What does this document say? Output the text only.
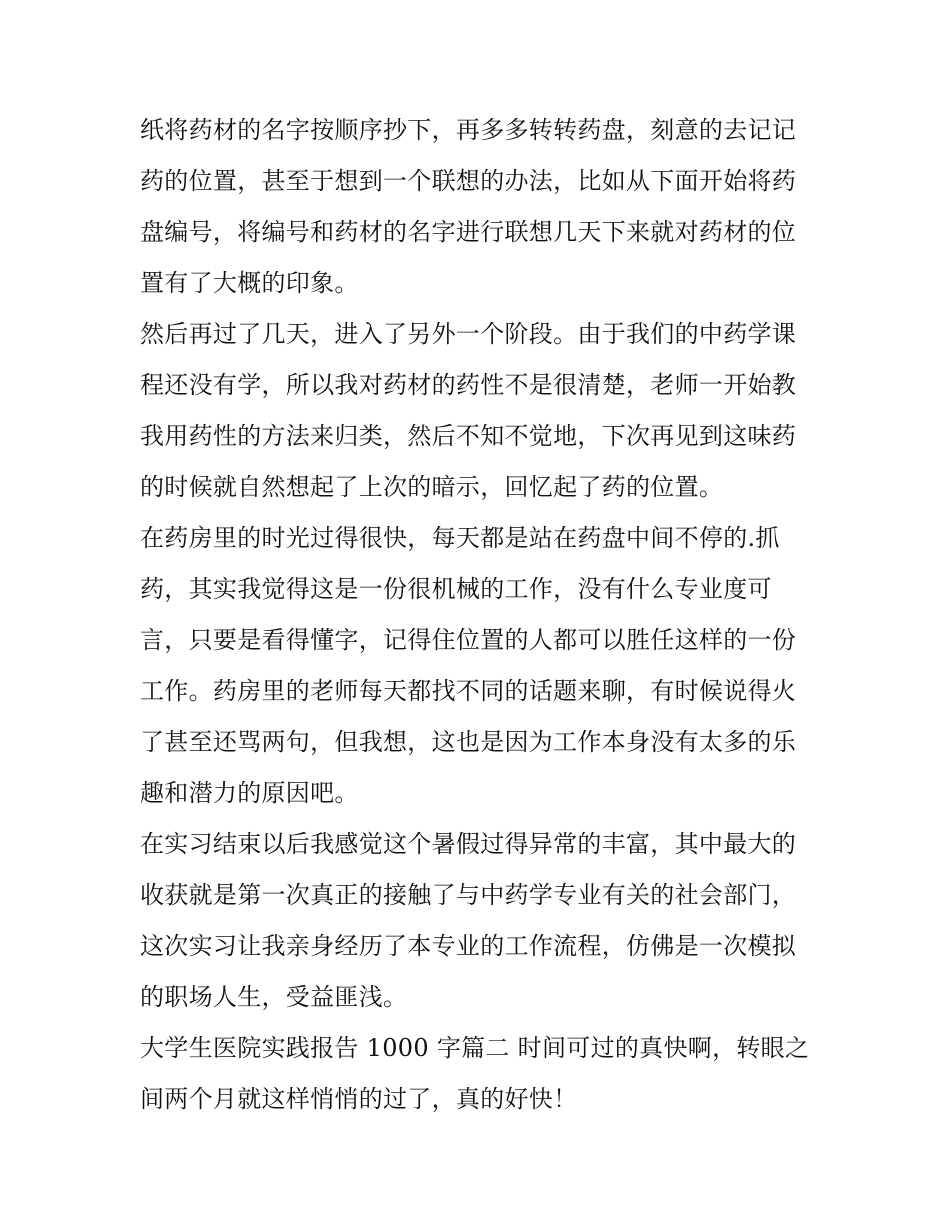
纸将药材的名字按顺序抄下，再多多转转药盘，刻意的去记记
药的位置，甚至于想到一个联想的办法，比如从下面开始将药
盘编号，将编号和药材的名字进行联想几天下来就对药材的位
置有了大概的印象。
然后再过了几天，进入了另外一个阶段。由于我们的中药学课
程还没有学，所以我对药材的药性不是很清楚，老师一开始教
我用药性的方法来归类，然后不知不觉地，下次再见到这味药
的时候就自然想起了上次的暗示，回忆起了药的位置。
在药房里的时光过得很快，每天都是站在药盘中间不停的.抓
药，其实我觉得这是一份很机械的工作，没有什么专业度可
言，只要是看得懂字，记得住位置的人都可以胜任这样的一份
工作。药房里的老师每天都找不同的话题来聊，有时候说得火
了甚至还骂两句，但我想，这也是因为工作本身没有太多的乐
趣和潜力的原因吧。
在实习结束以后我感觉这个暑假过得异常的丰富，其中最大的
收获就是第一次真正的接触了与中药学专业有关的社会部门，
这次实习让我亲身经历了本专业的工作流程，仿佛是一次模拟
的职场人生，受益匪浅。
大学生医院实践报告 1000 字篇二 时间可过的真快啊，转眼之
间两个月就这样悄悄的过了，真的好快！
